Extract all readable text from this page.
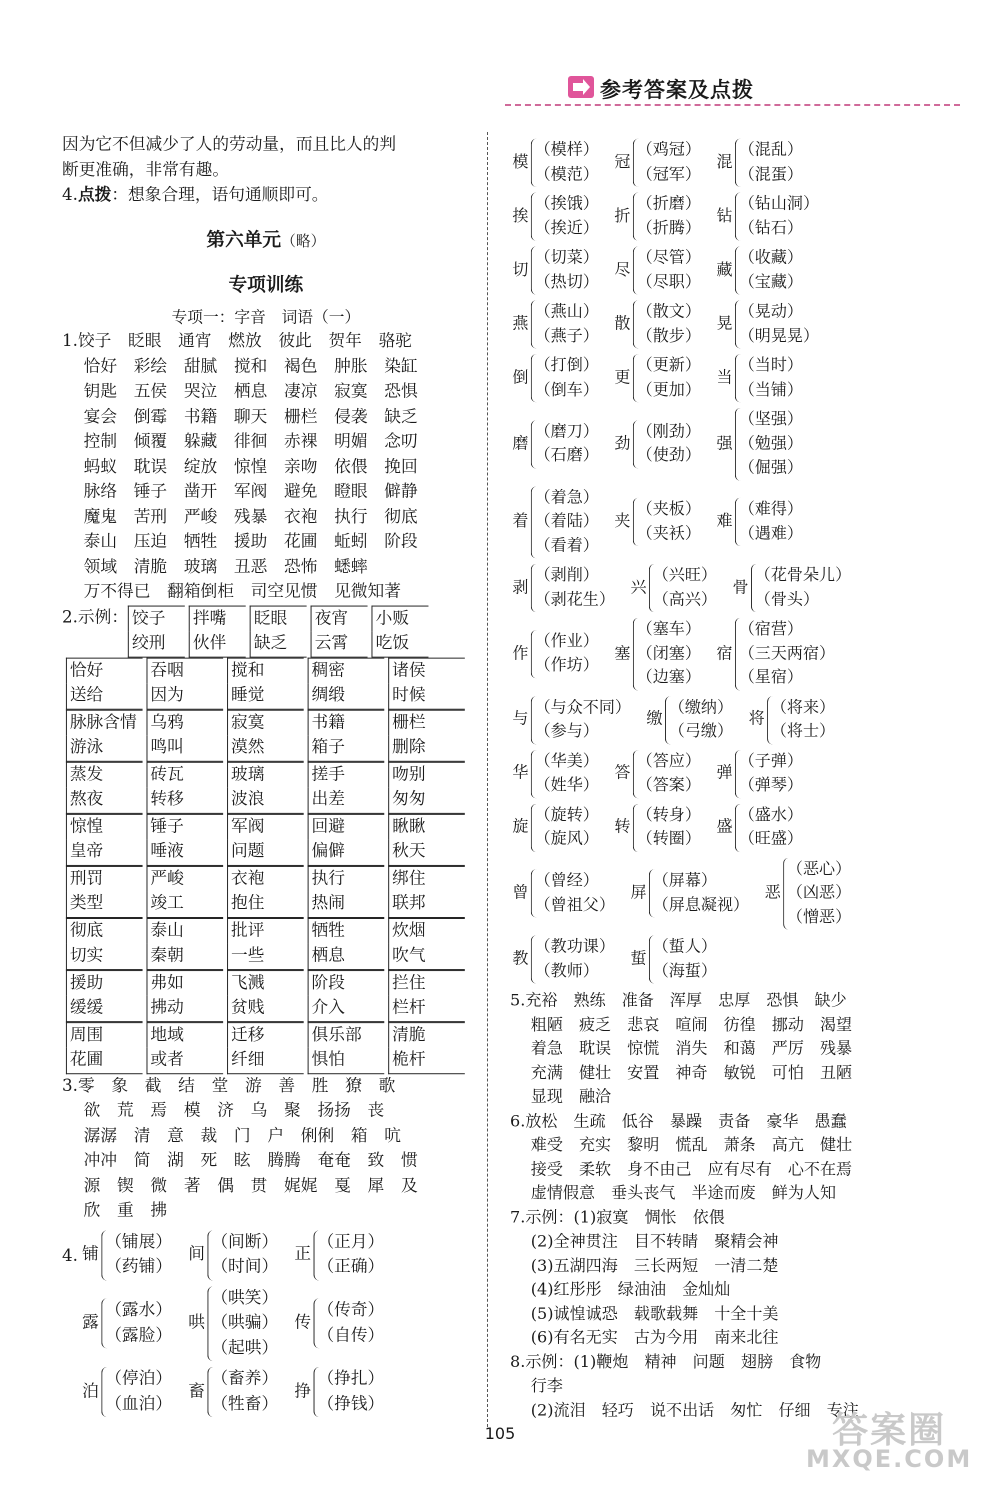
参考答案及点拨
因为它不但减少了人的劳动量，而且比人的判
断更准确，非常有趣。
4.点拨：想象合理，语句通顺即可。
第六单元（略）
专项训练
专项一：字音　词语（一）
1.饺子　眨眼　通宵　燃放　彼此　贺年　骆驼
恰好　彩绘　甜腻　搅和　褐色　肿胀　染缸
钥匙　五侯　哭泣　栖息　凄凉　寂寞　恐惧
宴会　倒霉　书籍　聊天　栅栏　侵袭　缺乏
控制　倾覆　躲藏　徘徊　赤裸　明媚　念叨
蚂蚁　耽误　绽放　惊惶　亲吻　依偎　挽回
脉络　锤子　凿开　军阀　避免　瞪眼　僻静
魔鬼　苦刑　严峻　残暴　衣袍　执行　彻底
泰山　压迫　牺牲　援助　花圃　蚯蚓　阶段
领域　清脆　玻璃　丑恶　恐怖　蟋蟀
万不得已　翻箱倒柜　司空见惯　见微知著
2.示例： 饺子
绞刑
拌嘴
伙伴
眨眼
缺乏
夜宵
云霄
小贩
吃饭
恰好
送给
吞咽
因为
搅和
睡觉
稠密
绸缎
诸侯
时候
脉脉含情
游泳
乌鸦
鸣叫
寂寞
漠然
书籍
箱子
栅栏
删除
蒸发
熬夜
砖瓦
转移
玻璃
波浪
搓手
出差
吻别
匆匆
惊惶
皇帝
锤子
唾液
军阀
问题
回避
偏僻
瞅瞅
秋天
刑罚
类型
严峻
竣工
衣袍
抱住
执行
热闹
绑住
联邦
彻底
切实
泰山
秦朝
批评
一些
牺牲
栖息
炊烟
吹气
援助
缓缓
弗如
拂动
飞溅
贫贱
阶段
介入
拦住
栏杆
周围
花圃
地域
或者
迁移
纤细
俱乐部
惧怕
清脆
桅杆
3.零　象　截　结　堂　游　善　胜　獠　歌
欲　荒　焉　模　济　乌　聚　扬扬　丧
潺潺　清　意　裁　门　户　俐俐　箱　吭
冲冲　简　湖　死　眩　腾腾　奄奄　致　惯
源　锲　微　著　偶　贯　娓娓　戛　犀　及
欣　重　拂
4. 铺
（铺展）
（药铺）
间
（间断）
（时间）
正
（正月）
（正确）
露
（露水）
（露脸）
哄
（哄笑）
（哄骗）
（起哄）
传
（传奇）
（自传）
泊
（停泊）
（血泊）
畜
（畜养）
（牲畜）
挣
（挣扎）
（挣钱）
模
（模样）
（模范）
冠
（鸡冠）
（冠军）
混
（混乱）
（混蛋）
挨
（挨饿）
（挨近）
折
（折磨）
（折腾）
钻
（钻山洞）
（钻石）
切
（切菜）
（热切）
尽
（尽管）
（尽职）
藏
（收藏）
（宝藏）
燕
（燕山）
（燕子）
散
（散文）
（散步）
晃
（晃动）
（明晃晃）
倒
（打倒）
（倒车）
更
（更新）
（更加）
当
（当时）
（当铺）
磨
（磨刀）
（石磨）
劲
（刚劲）
（使劲）
强
（坚强）
（勉强）
（倔强）
着
（着急）
（着陆）
（看着）
夹
（夹板）
（夹袄）
难
（难得）
（遇难）
剥
（剥削）
（剥花生）
兴
（兴旺）
（高兴）
骨
（花骨朵儿）
（骨头）
作
（作业）
（作坊）
塞
（塞车）
（闭塞）
（边塞）
宿
（宿营）
（三天两宿）
（星宿）
与
（与众不同）
（参与）
缴
（缴纳）
（弓缴）
将
（将来）
（将士）
华
（华美）
（姓华）
答
（答应）
（答案）
弹
（子弹）
（弹琴）
旋
（旋转）
（旋风）
转
（转身）
（转圈）
盛
（盛水）
（旺盛）
曾
（曾经）
（曾祖父）
屏
（屏幕）
（屏息凝视）
恶
（恶心）
（凶恶）
（憎恶）
教
（教功课）
（教师）
蜇
（蜇人）
（海蜇）
5.充裕　熟练　准备　浑厚　忠厚　恐惧　缺少
粗陋　疲乏　悲哀　喧闹　彷徨　挪动　渴望
着急　耽误　惊慌　消失　和蔼　严厉　残暴
充满　健壮　安置　神奇　敏锐　可怕　丑陋
显现　融洽
6.放松　生疏　低谷　暴躁　责备　豪华　愚蠢
难受　充实　黎明　慌乱　萧条　高亢　健壮
接受　柔软　身不由己　应有尽有　心不在焉
虚情假意　垂头丧气　半途而废　鲜为人知
7.示例：(1)寂寞　惆怅　依偎
(2)全神贯注　目不转睛　聚精会神
(3)五湖四海　三长两短　一清二楚
(4)红彤彤　绿油油　金灿灿
(5)诚惶诚恐　载歌载舞　十全十美
(6)有名无实　古为今用　南来北往
8.示例：(1)鞭炮　精神　问题　翅膀　食物
行李
(2)流泪　轻巧　说不出话　匆忙　仔细　专注
105	答案圈
MXQE.COM
